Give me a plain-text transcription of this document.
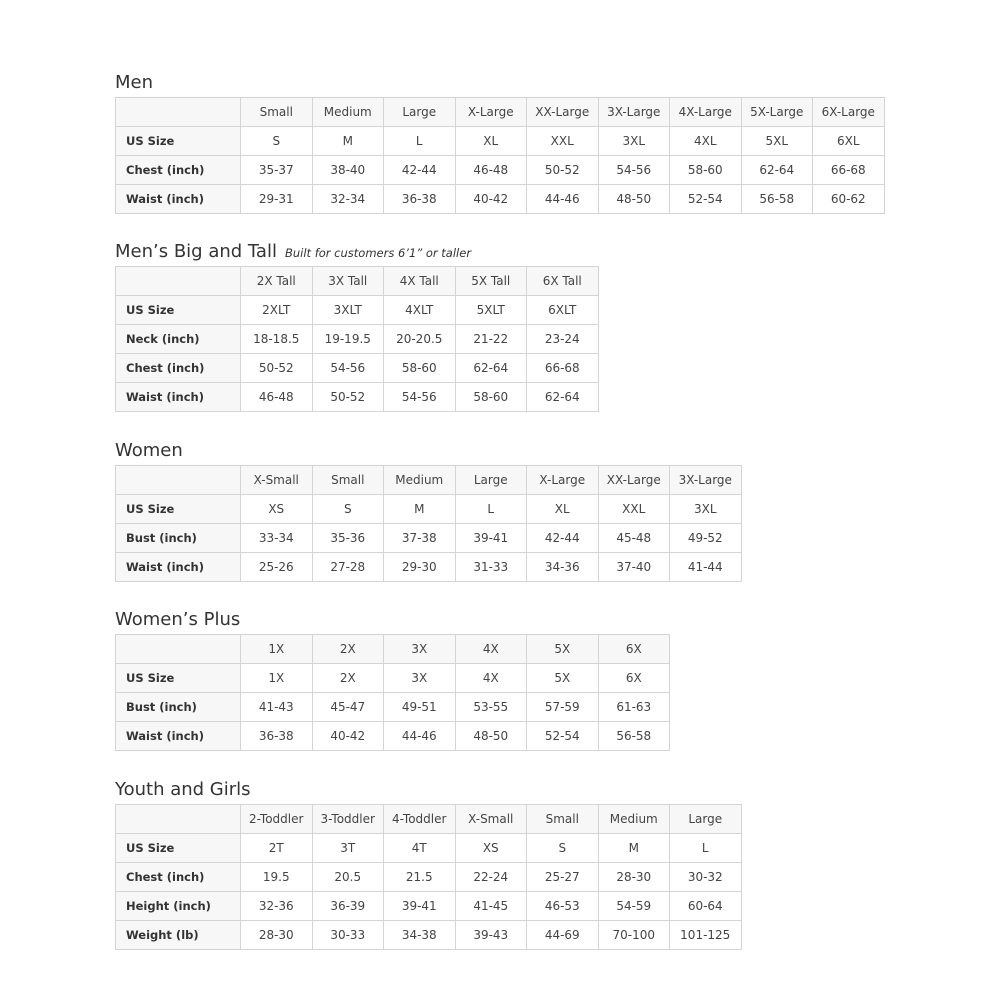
Men
	Small	Medium	Large	X-Large	XX-Large	3X-Large	4X-Large	5X-Large	6X-Large
US Size	S	M	L	XL	XXL	3XL	4XL	5XL	6XL
Chest (inch)	35-37	38-40	42-44	46-48	50-52	54-56	58-60	62-64	66-68
Waist (inch)	29-31	32-34	36-38	40-42	44-46	48-50	52-54	56-58	60-62
Men’s Big and Tall Built for customers 6’1” or taller
	2X Tall	3X Tall	4X Tall	5X Tall	6X Tall
US Size	2XLT	3XLT	4XLT	5XLT	6XLT
Neck (inch)	18-18.5	19-19.5	20-20.5	21-22	23-24
Chest (inch)	50-52	54-56	58-60	62-64	66-68
Waist (inch)	46-48	50-52	54-56	58-60	62-64
Women
	X-Small	Small	Medium	Large	X-Large	XX-Large	3X-Large
US Size	XS	S	M	L	XL	XXL	3XL
Bust (inch)	33-34	35-36	37-38	39-41	42-44	45-48	49-52
Waist (inch)	25-26	27-28	29-30	31-33	34-36	37-40	41-44
Women’s Plus
	1X	2X	3X	4X	5X	6X
US Size	1X	2X	3X	4X	5X	6X
Bust (inch)	41-43	45-47	49-51	53-55	57-59	61-63
Waist (inch)	36-38	40-42	44-46	48-50	52-54	56-58
Youth and Girls
	2-Toddler	3-Toddler	4-Toddler	X-Small	Small	Medium	Large
US Size	2T	3T	4T	XS	S	M	L
Chest (inch)	19.5	20.5	21.5	22-24	25-27	28-30	30-32
Height (inch)	32-36	36-39	39-41	41-45	46-53	54-59	60-64
Weight (lb)	28-30	30-33	34-38	39-43	44-69	70-100	101-125
